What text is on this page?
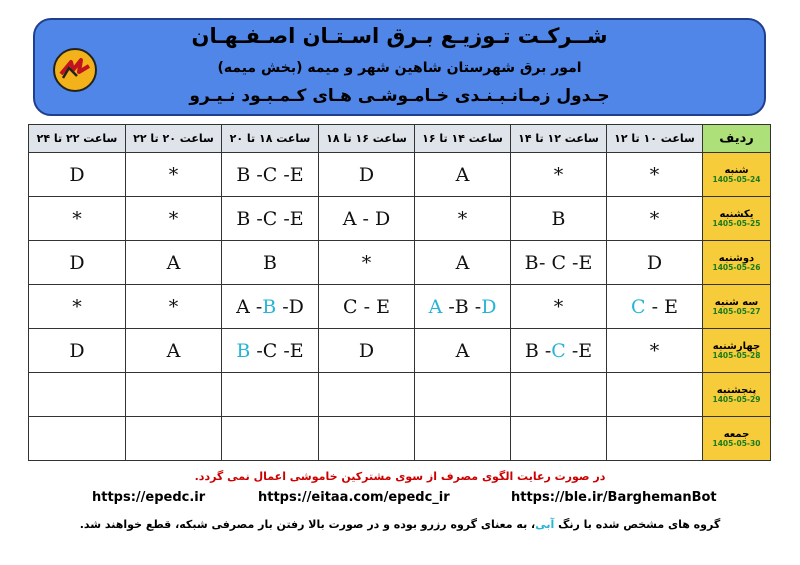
شــرکـت تـوزیـع بـرق اسـتـان اصـفـهـان
امور برق شهرستان شاهین شهر و میمه (بخش میمه)
جـدول زمـانـبـنـدی خـامـوشـی هـای کـمـبـود نـیـرو
ساعت ۲۲ تا ۲۴	ساعت ۲۰ تا ۲۲	ساعت ۱۸ تا ۲۰	ساعت ۱۶ تا ۱۸	ساعت ۱۴ تا ۱۶	ساعت ۱۲ تا ۱۴	ساعت ۱۰ تا ۱۲	ردیف
D	*	B -C -E	D	A	*	*	شنبه
1405-05-24

*	*	B -C -E	A - D	*	B	*	یکشنبه
1405-05-25

D	A	B	*	A	B- C -E	D	دوشنبه
1405-05-26

*	*	A -B -D	C - E	A -B -D	*	C - E	سه شنبه
1405-05-27

D	A	B -C -E	D	A	B -C -E	*	چهارشنبه
1405-05-28

							پنجشنبه
1405-05-29

							جمعه
1405-05-30
در صورت رعایت الگوی مصرف از سوی مشترکین خاموشی اعمال نمی گردد.
https://epedc.ir	https://eitaa.com/epedc_ir	https://ble.ir/BarghemanBot
گروه های مشخص شده با رنگ آبی، به معنای گروه رزرو بوده و در صورت بالا رفتن بار مصرفی شبکه، قطع خواهند شد.
